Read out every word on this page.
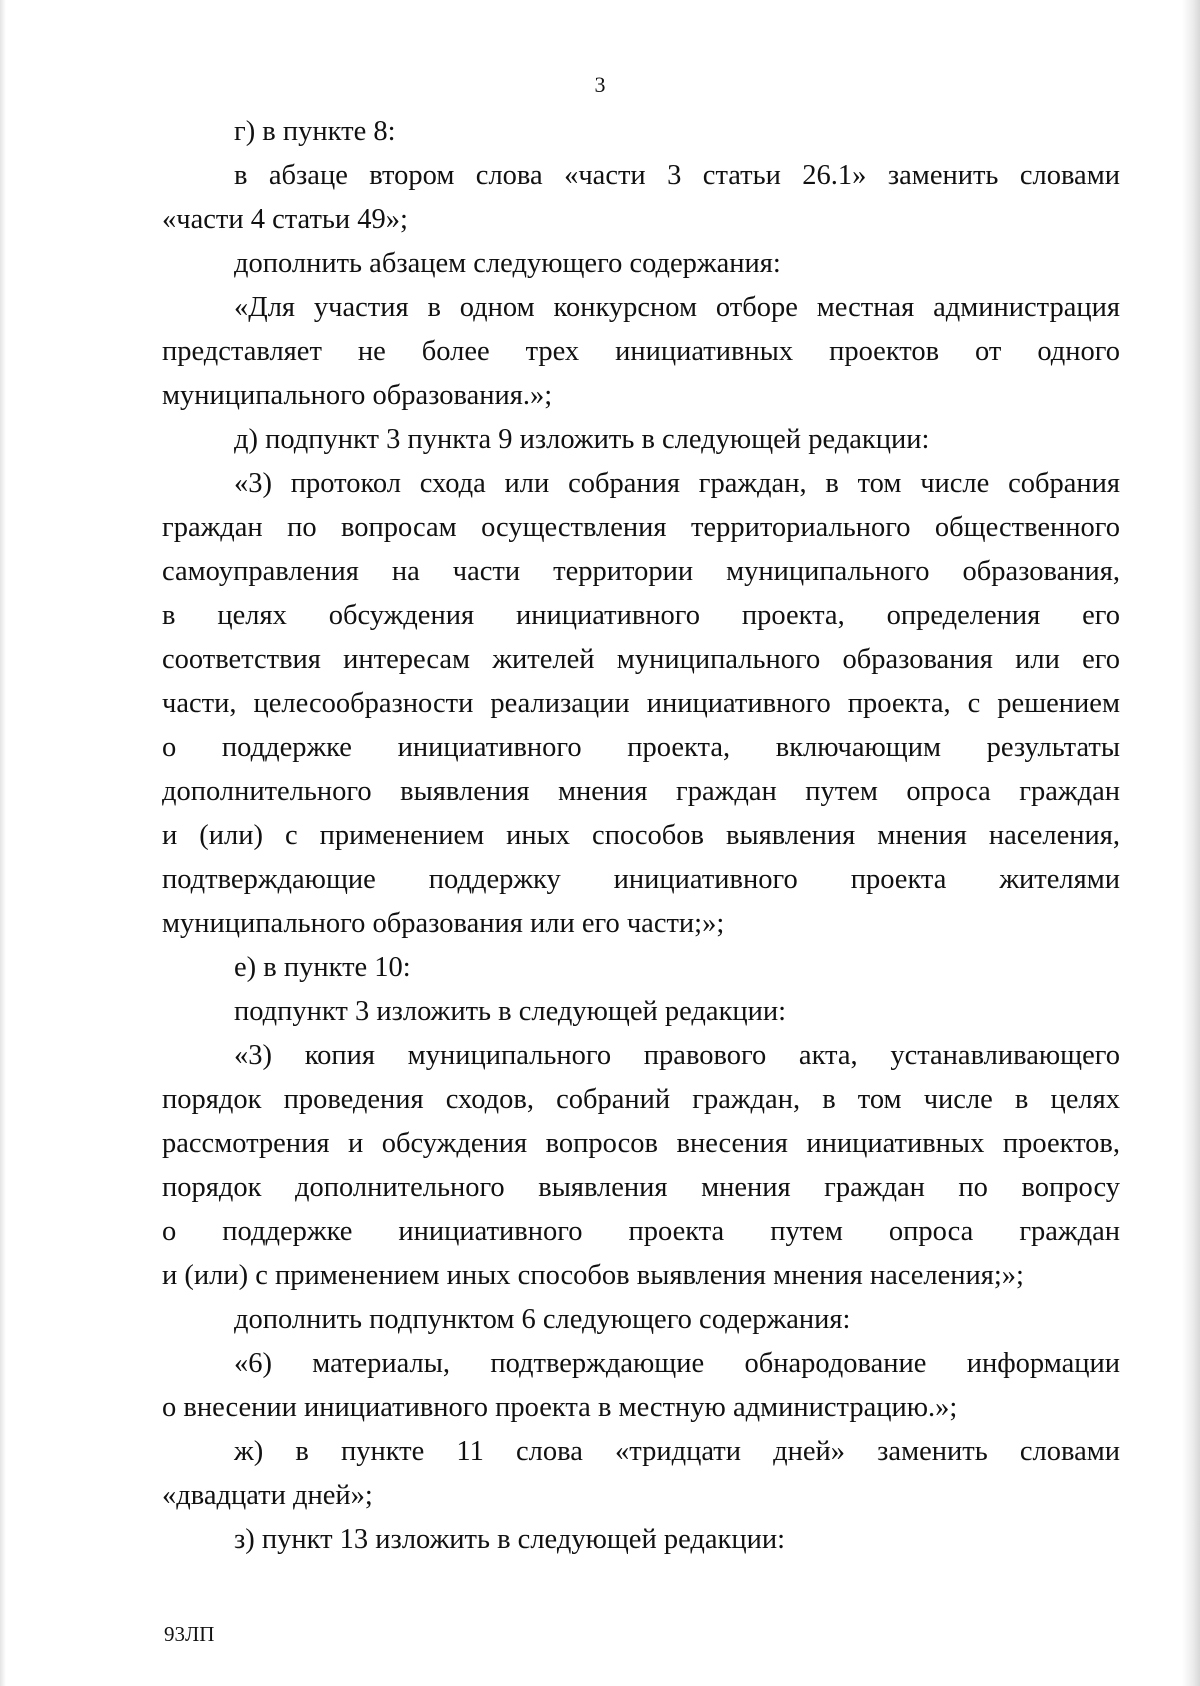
3
г) в пункте 8:
в абзаце втором слова «части 3 статьи 26.1» заменить словами
«части 4 статьи 49»;
дополнить абзацем следующего содержания:
«Для участия в одном конкурсном отборе местная администрация
представляет не более трех инициативных проектов от одного
муниципального образования.»;
д) подпункт 3 пункта 9 изложить в следующей редакции:
«3) протокол схода или собрания граждан, в том числе собрания
граждан по вопросам осуществления территориального общественного
самоуправления на части территории муниципального образования,
в целях обсуждения инициативного проекта, определения его
соответствия интересам жителей муниципального образования или его
части, целесообразности реализации инициативного проекта, с решением
о поддержке инициативного проекта, включающим результаты
дополнительного выявления мнения граждан путем опроса граждан
и (или) с применением иных способов выявления мнения населения,
подтверждающие поддержку инициативного проекта жителями
муниципального образования или его части;»;
е) в пункте 10:
подпункт 3 изложить в следующей редакции:
«3) копия муниципального правового акта, устанавливающего
порядок проведения сходов, собраний граждан, в том числе в целях
рассмотрения и обсуждения вопросов внесения инициативных проектов,
порядок дополнительного выявления мнения граждан по вопросу
о поддержке инициативного проекта путем опроса граждан
и (или) с применением иных способов выявления мнения населения;»;
дополнить подпунктом 6 следующего содержания:
«6) материалы, подтверждающие обнародование информации
о внесении инициативного проекта в местную администрацию.»;
ж) в пункте 11 слова «тридцати дней» заменить словами
«двадцати дней»;
з) пункт 13 изложить в следующей редакции:
93ЛП
